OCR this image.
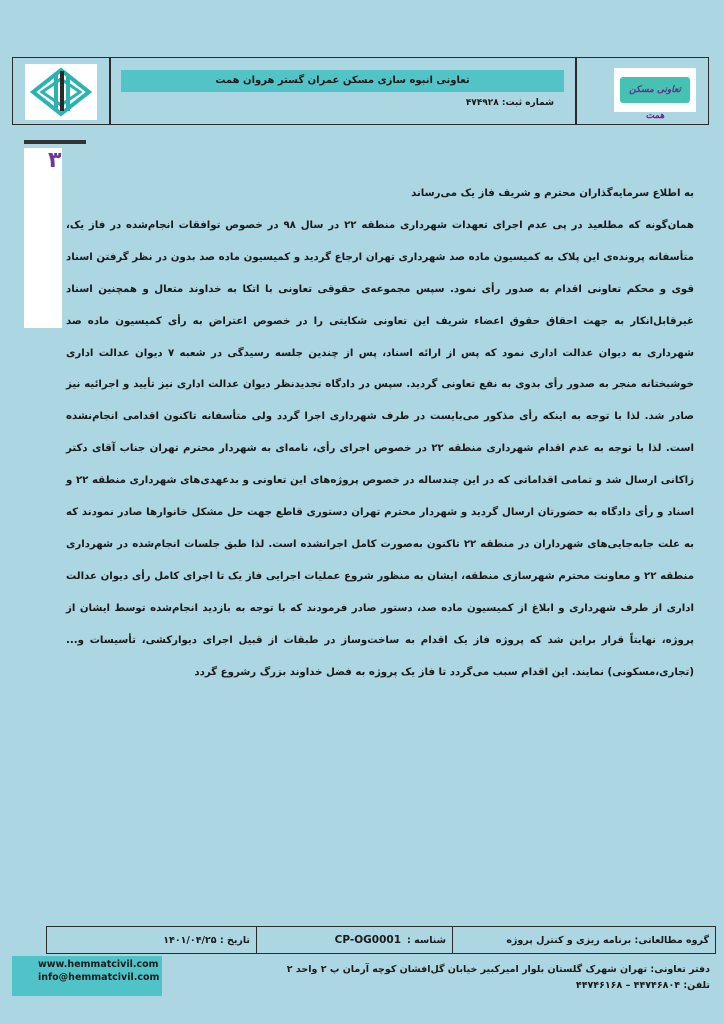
تعاونی انبوه سازی مسکن عمران گستر هروان همت
شماره ثبت: ۴۷۴۹۲۸
تعاونی مسکن همت
۳

به اطلاع سرمایه‌گذاران محترم و شریف فاز یک می‌رساند

همان‌گونه که مطلعید در پی عدم اجرای تعهدات شهرداری منطقه ۲۲ در سال ۹۸ در خصوص توافقات انجام‌شده در فاز یک، متأسفانه پرونده‌ی این پلاک به کمیسیون ماده صد شهرداری تهران ارجاع گردید و کمیسیون ماده صد بدون در نظر گرفتن اسناد قوی و محکم تعاونی اقدام به صدور رأی نمود. سپس مجموعه‌ی حقوقی تعاونی با اتکا به خداوند متعال و همچنین اسناد غیرقابل‌انکار به جهت احقاق حقوق اعضاء شریف این تعاونی شکایتی را در خصوص اعتراض به رأی کمیسیون ماده صد شهرداری به دیوان عدالت اداری نمود که پس از ارائه اسناد، پس از چندین جلسه رسیدگی در شعبه ۷ دیوان عدالت اداری خوشبختانه منجر به صدور رأی بدوی به نفع تعاونی گردید. سپس در دادگاه تجدیدنظر دیوان عدالت اداری نیز تأیید و اجرائیه نیز صادر شد. لذا با توجه به اینکه رأی مذکور می‌بایست در طرف شهرداری اجرا گردد ولی متأسفانه تاکنون اقدامی انجام‌نشده است. لذا با توجه به عدم اقدام شهرداری منطقه ۲۲ در خصوص اجرای رأی، نامه‌ای به شهردار محترم تهران جناب آقای دکتر زاکانی ارسال شد و تمامی اقداماتی که در این چندساله در خصوص پروژه‌های این تعاونی و بدعهدی‌های شهرداری منطقه ۲۲ و اسناد و رأی دادگاه به حضورتان ارسال گردید و شهردار محترم تهران دستوری قاطع جهت حل مشکل خانوارها صادر نمودند که به علت جابه‌جایی‌های شهرداران در منطقه ۲۲ تاکنون به‌صورت کامل اجرانشده است. لذا طبق جلسات انجام‌شده در شهرداری منطقه ۲۲ و معاونت محترم شهرسازی منطقه، ایشان به منظور شروع عملیات اجرایی فاز یک تا اجرای کامل رأی دیوان عدالت اداری از طرف شهرداری و ابلاغ از کمیسیون ماده صد، دستور صادر فرمودند که با توجه به بازدید انجام‌شده توسط ایشان از پروژه، نهایتاً قرار براین شد که پروژه فاز یک اقدام به ساخت‌وساز در طبقات از قبیل اجرای دیوارکشی، تأسیسات و... (تجاری،مسکونی) نمایند. این اقدام سبب می‌گردد تا فاز یک پروژه به فضل خداوند بزرگ رشروع گردد

گروه مطالعاتی: برنامه ریزی و کنترل پروژه
شناسه :
CP-OG0001
تاریخ : ۱۴۰۱/۰۴/۲۵
www.hemmatcivil.com
info@hemmatcivil.com
دفتر تعاونی: تهران شهرک گلستان بلوار امیرکبیر خیابان گل‌افشان کوچه آرمان پ ۲ واحد ۲
تلفن: ۴۴۷۴۶۸۰۴ – ۴۴۷۴۶۱۶۸
